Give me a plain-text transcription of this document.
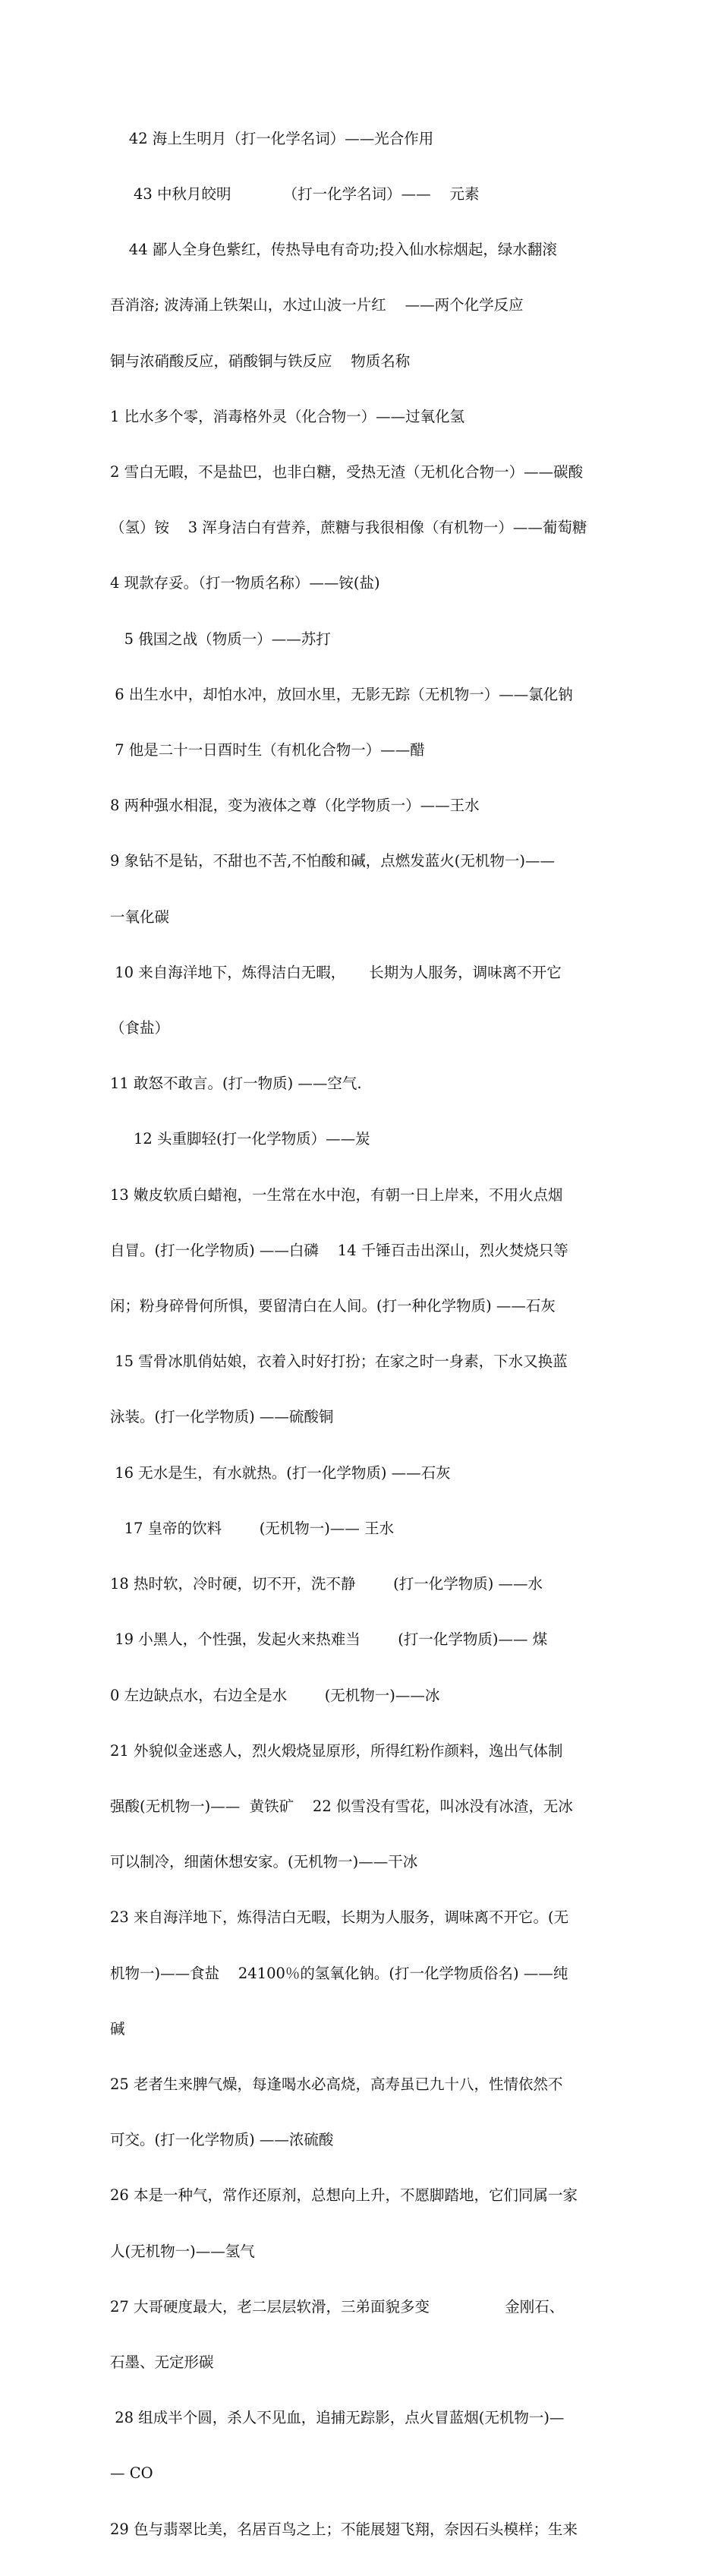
42 海上生明月（打一化学名词）——光合作用

43 中秋月皎明           （打一化学名词）——    元素

44 鄙人全身色紫红，传热导电有奇功;投入仙水棕烟起，绿水翻滚

吾消溶; 波涛涌上铁架山，水过山波一片红    ——两个化学反应

铜与浓硝酸反应，硝酸铜与铁反应    物质名称

1 比水多个零，消毒格外灵（化合物一）——过氧化氢

2 雪白无暇，不是盐巴，也非白糖，受热无渣（无机化合物一）——碳酸

（氢）铵    3 浑身洁白有营养，蔗糖与我很相像（有机物一）——葡萄糖

4 现款存妥。（打一物质名称）——铵(盐)

5 俄国之战（物质一）——苏打

6 出生水中，却怕水冲，放回水里，无影无踪（无机物一）——氯化钠

7 他是二十一日酉时生（有机化合物一）——醋

8 两种强水相混，变为液体之尊（化学物质一）——王水

9 象钻不是钻，不甜也不苦,不怕酸和碱，点燃发蓝火(无机物一)——

一氧化碳

10 来自海洋地下，炼得洁白无暇，     长期为人服务，调味离不开它

（食盐）

11 敢怒不敢言。(打一物质) ——空气.

12 头重脚轻(打一化学物质）——炭

13 嫩皮软质白蜡袍，一生常在水中泡，有朝一日上岸来，不用火点烟

自冒。(打一化学物质) ——白磷    14 千锤百击出深山，烈火焚烧只等

闲；粉身碎骨何所惧，要留清白在人间。(打一种化学物质) ——石灰

15 雪骨冰肌俏姑娘，衣着入时好打扮；在家之时一身素，下水又换蓝

泳装。(打一化学物质) ——硫酸铜

16 无水是生，有水就热。(打一化学物质) ——石灰

17 皇帝的饮料        (无机物一)—— 王水

18 热时软，冷时硬，切不开，洗不静        (打一化学物质) ——水

19 小黑人，个性强，发起火来热难当        (打一化学物质)—— 煤

0 左边缺点水，右边全是水        (无机物一)——冰

21 外貌似金迷惑人，烈火煅烧显原形，所得红粉作颜料，逸出气体制

强酸(无机物一)——  黄铁矿    22 似雪没有雪花，叫冰没有冰渣，无冰

可以制冷，细菌休想安家。(无机物一)——干冰

23 来自海洋地下，炼得洁白无暇，长期为人服务，调味离不开它。(无

机物一)——食盐    24100％的氢氧化钠。(打一化学物质俗名) ——纯

碱

25 老者生来脾气燥，每逢喝水必高烧，高寿虽已九十八，性情依然不

可交。(打一化学物质) ——浓硫酸

26 本是一种气，常作还原剂，总想向上升，不愿脚踏地，它们同属一家

人(无机物一)——氢气

27 大哥硬度最大，老二层层软滑，三弟面貌多变                金刚石、

石墨、无定形碳

28 组成半个圆，杀人不见血，追捕无踪影，点火冒蓝烟(无机物一)—

— CO

29 色与翡翠比美，名居百鸟之上；不能展翅飞翔，奈因石头模样；生来
